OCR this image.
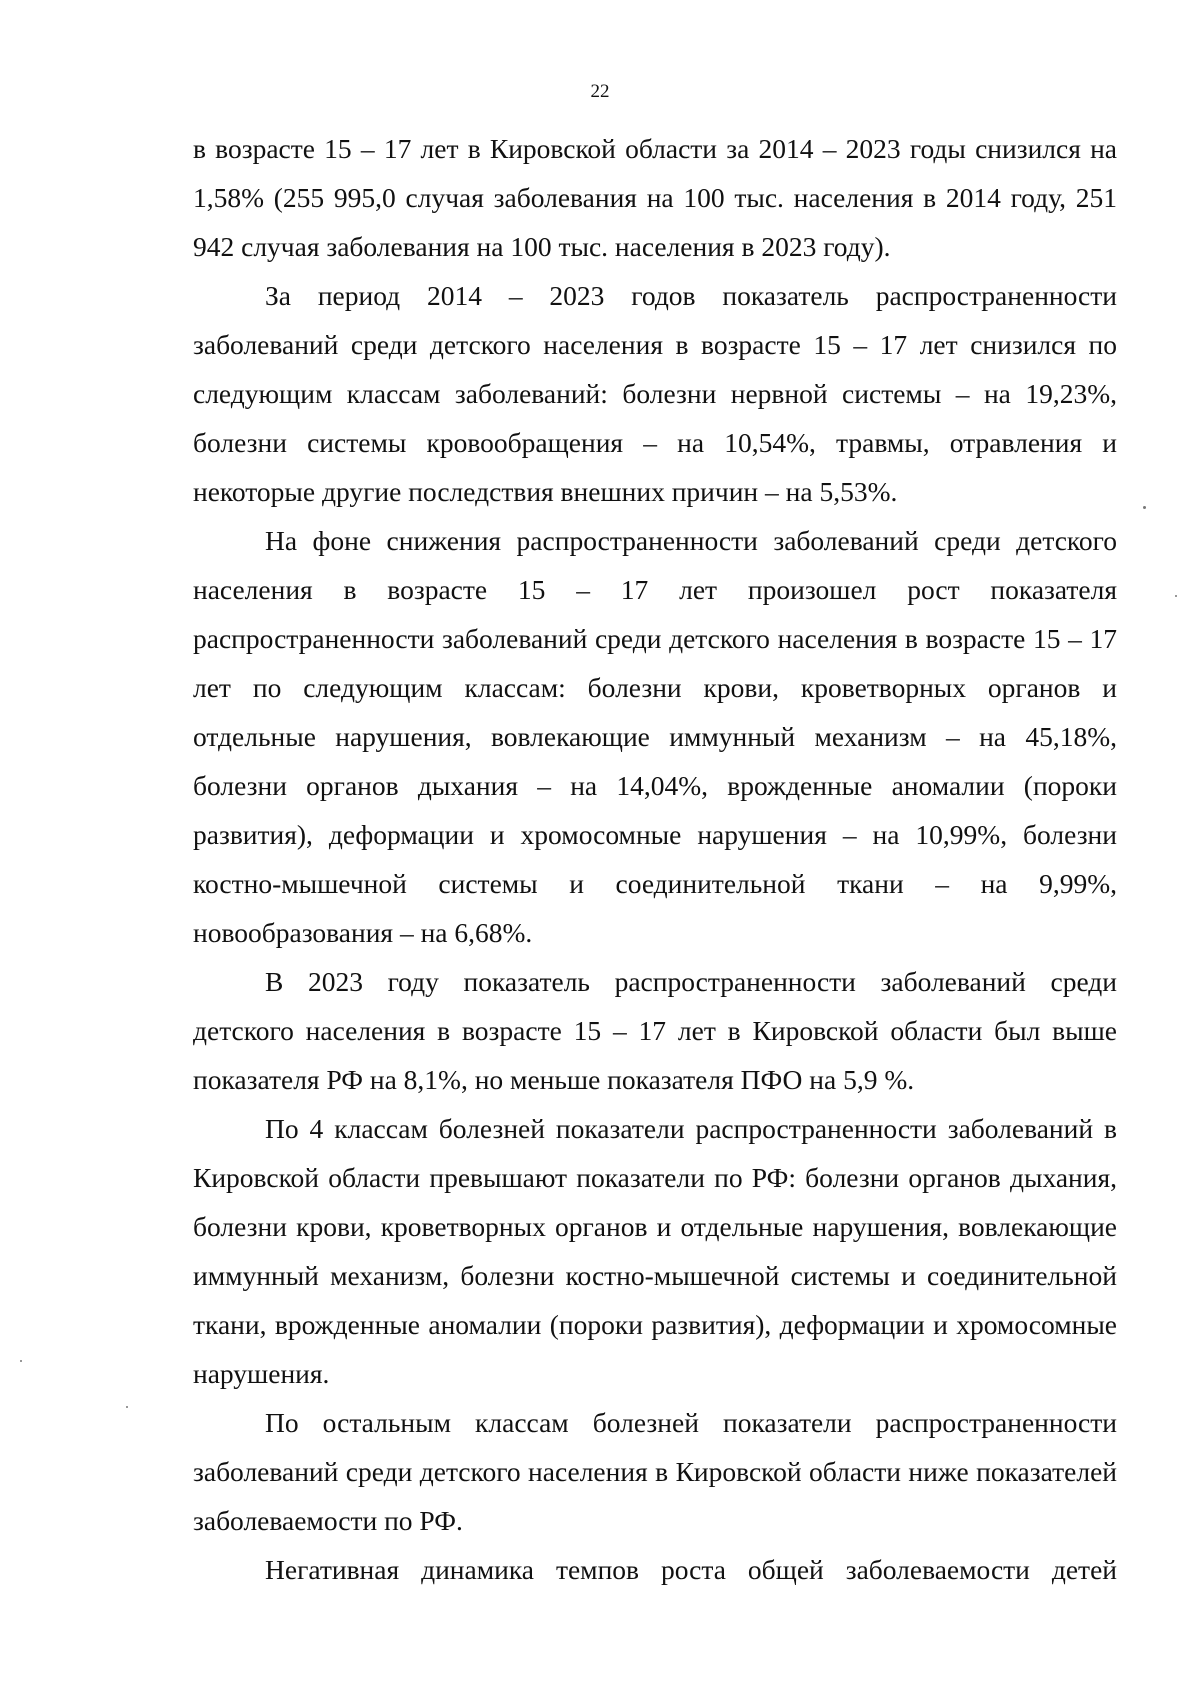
22

в возрасте 15 – 17 лет в Кировской области за 2014 – 2023 годы снизился на 1,58% (255 995,0 случая заболевания на 100 тыс. населения в 2014 году, 251 942 случая заболевания на 100 тыс. населения в 2023 году).

За период 2014 – 2023 годов показатель распространенности заболеваний среди детского населения в возрасте 15 – 17 лет снизился по следующим классам заболеваний: болезни нервной системы – на 19,23%, болезни системы кровообращения – на 10,54%, травмы, отравления и некоторые другие последствия внешних причин – на 5,53%.

На фоне снижения распространенности заболеваний среди детского населения в возрасте 15 – 17 лет произошел рост показателя распространенности заболеваний среди детского населения в возрасте 15 – 17 лет по следующим классам: болезни крови, кроветворных органов и отдельные нарушения, вовлекающие иммунный механизм – на 45,18%, болезни органов дыхания – на 14,04%, врожденные аномалии (пороки развития), деформации и хромосомные нарушения – на 10,99%, болезни костно-мышечной системы и соединительной ткани – на 9,99%, новообразования – на 6,68%.

В 2023 году показатель распространенности заболеваний среди детского населения в возрасте 15 – 17 лет в Кировской области был выше показателя РФ на 8,1%, но меньше показателя ПФО на 5,9 %.

По 4 классам болезней показатели распространенности заболеваний в Кировской области превышают показатели по РФ: болезни органов дыхания, болезни крови, кроветворных органов и отдельные нарушения, вовлекающие иммунный механизм, болезни костно-мышечной системы и соединительной ткани, врожденные аномалии (пороки развития), деформации и хромосомные нарушения.

По остальным классам болезней показатели распространенности заболеваний среди детского населения в Кировской области ниже показателей заболеваемости по РФ.

Негативная динамика темпов роста общей заболеваемости детей
